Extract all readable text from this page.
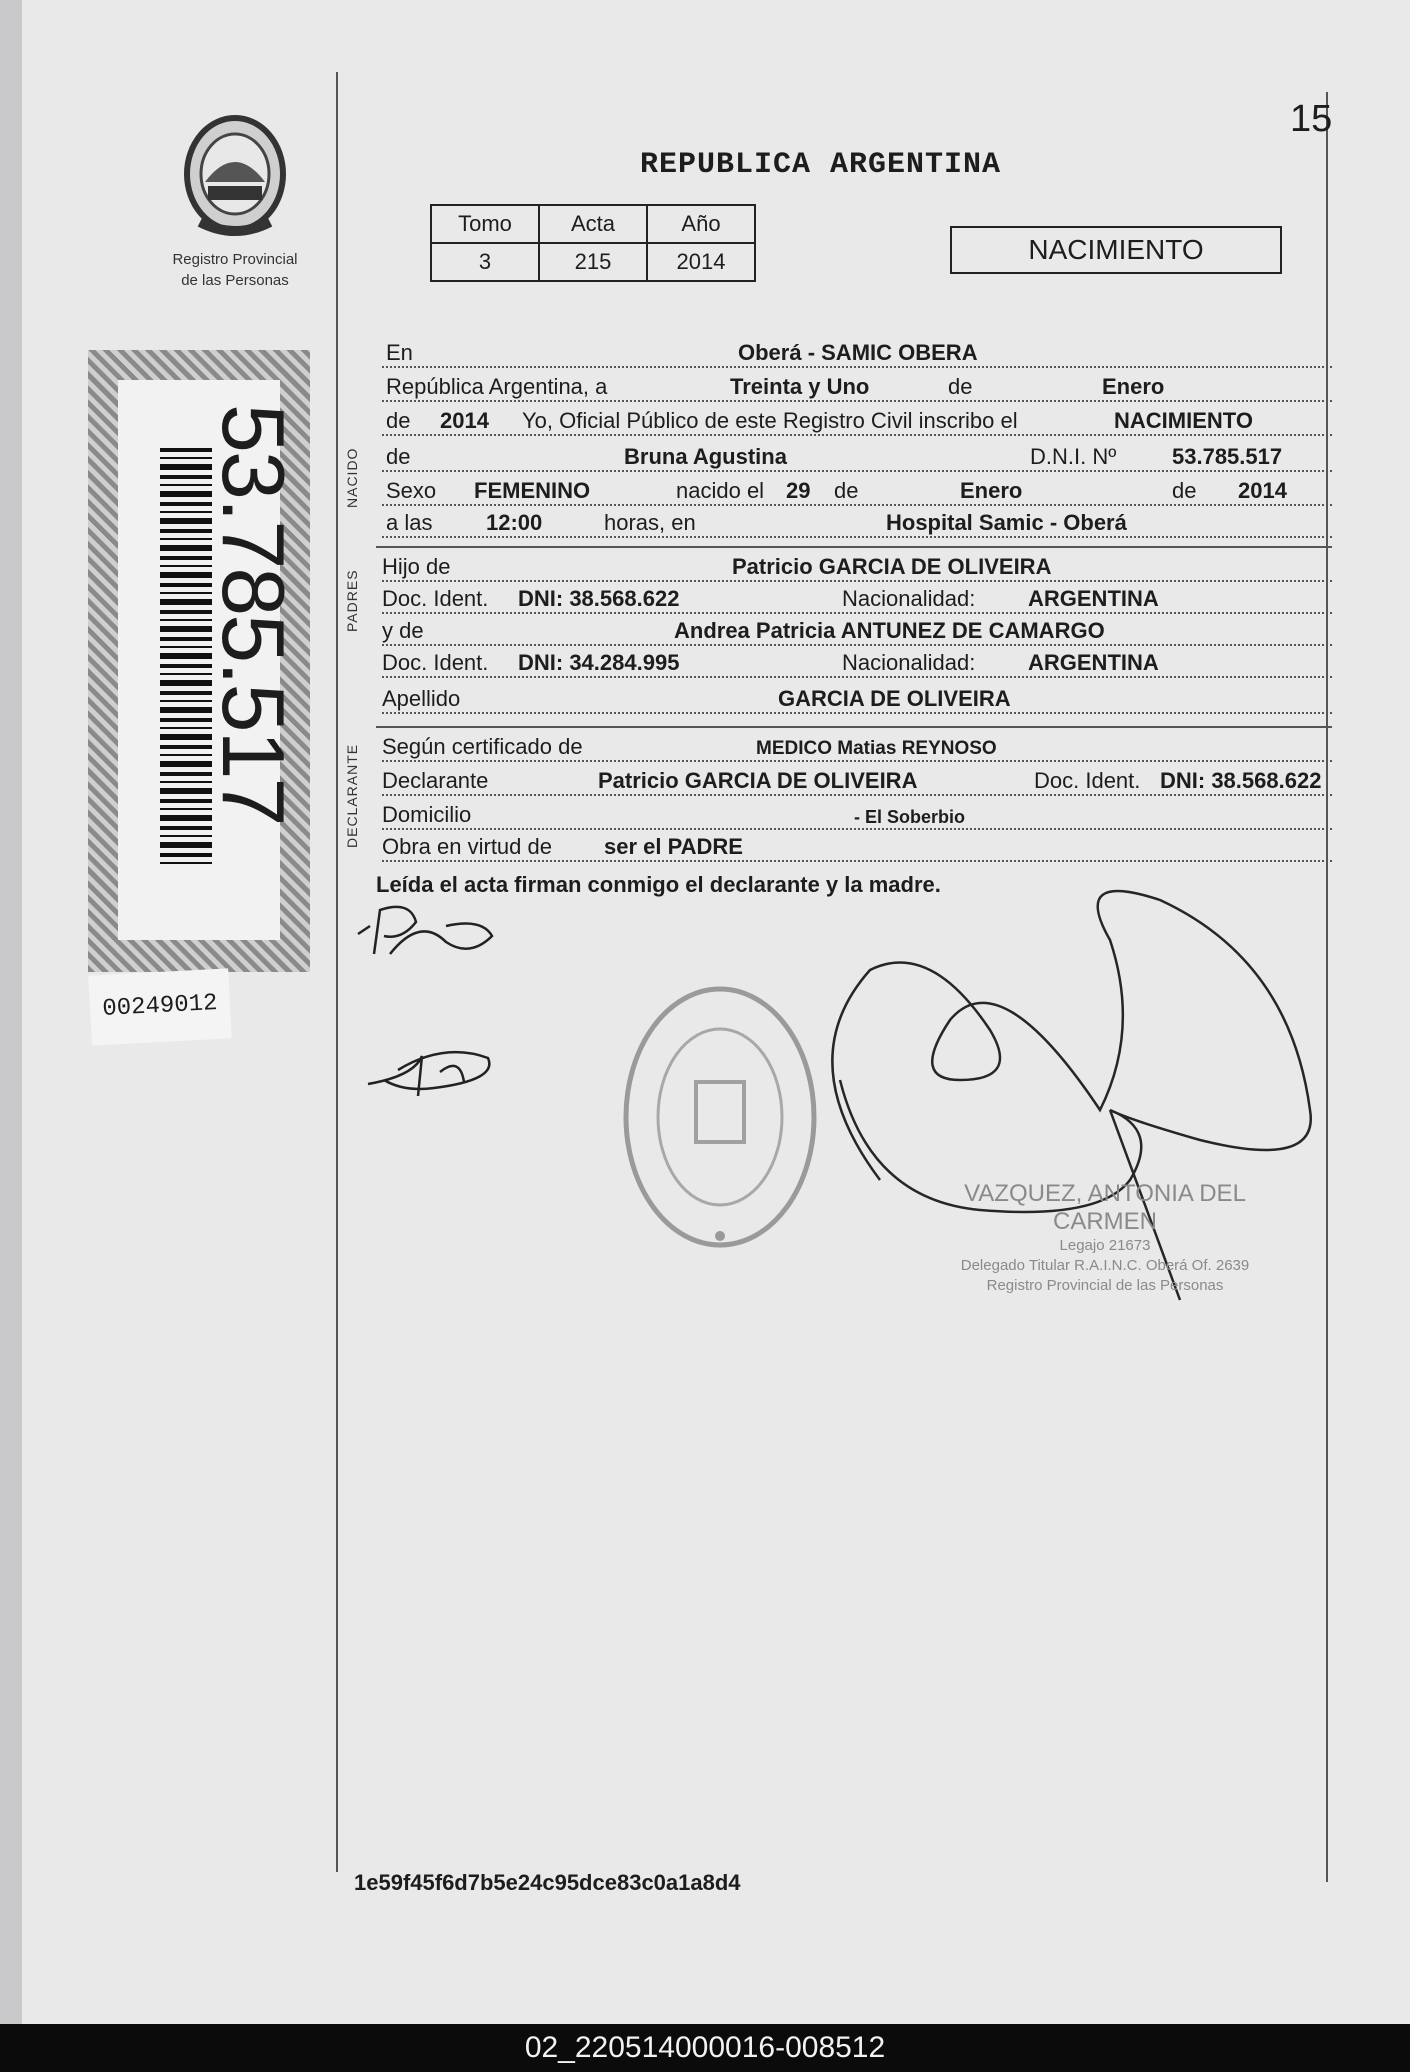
15
Registro Provincial
de las Personas
REPUBLICA ARGENTINA
Tomo	Acta	Año
3	215	2014	NACIMIENTO
53.785.517
00249012
NACIDO
PADRES
DECLARANTE
En	Oberá - SAMIC OBERA
República Argentina, a	Treinta y Uno	de	Enero
de 2014 Yo, Oficial Público de este Registro Civil inscribo el	NACIMIENTO
de	Bruna Agustina	D.N.I. Nº	53.785.517
Sexo FEMENINO	nacido el 29 de	Enero	de 2014
a las 12:00	horas, en	Hospital Samic - Oberá
Hijo de	Patricio GARCIA DE OLIVEIRA
Doc. Ident. DNI: 38.568.622	Nacionalidad: ARGENTINA
y de	Andrea Patricia ANTUNEZ DE CAMARGO
Doc. Ident. DNI: 34.284.995	Nacionalidad: ARGENTINA
Apellido	GARCIA DE OLIVEIRA
Según certificado de	MEDICO Matias REYNOSO
Declarante	Patricio GARCIA DE OLIVEIRA	Doc. Ident. DNI: 38.568.622
Domicilio	- El Soberbio
Obra en virtud de ser el PADRE
Leída el acta firman conmigo el declarante y la madre.
VAZQUEZ, ANTONIA DEL CARMEN
Legajo 21673
Delegado Titular R.A.I.N.C. Oberá Of. 2639
Registro Provincial de las Personas
1e59f45f6d7b5e24c95dce83c0a1a8d4
02_220514000016-008512
